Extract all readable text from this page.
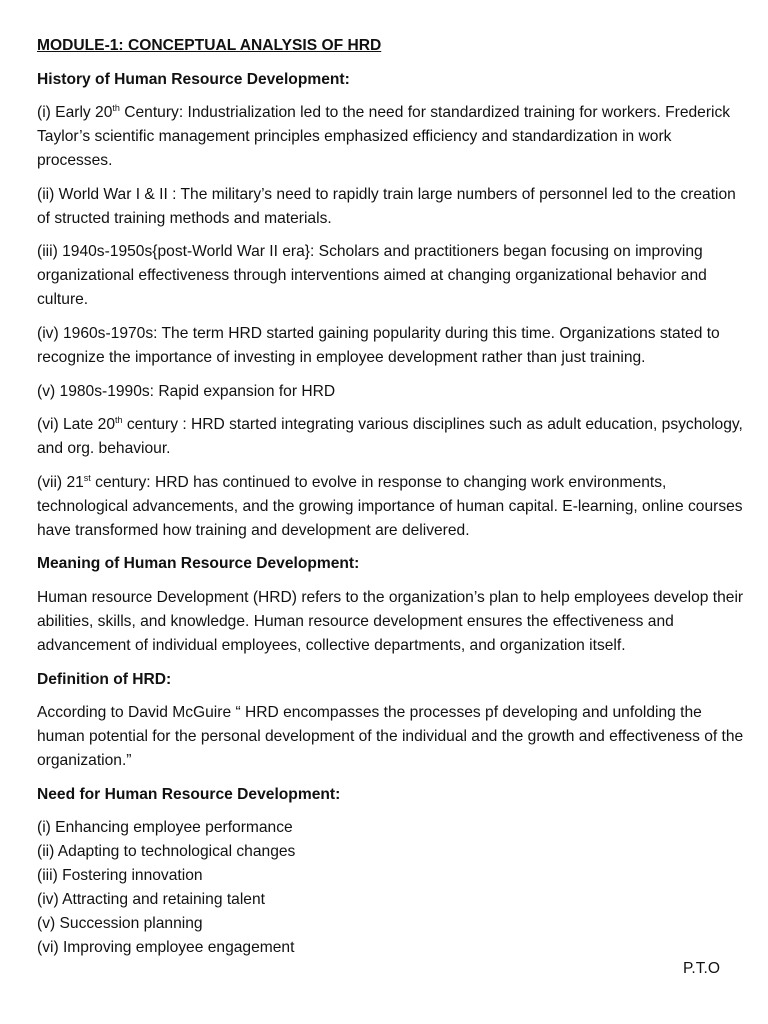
MODULE-1: CONCEPTUAL ANALYSIS OF HRD
History of Human Resource Development:
(i) Early 20th Century: Industrialization led to the need for standardized training for workers. Frederick Taylor’s scientific management principles emphasized efficiency and standardization in work processes.
(ii) World War I & II : The military’s need to rapidly train large numbers of personnel led to the creation of structed training methods and materials.
(iii) 1940s-1950s{post-World War II era}: Scholars and practitioners began focusing on improving organizational effectiveness through interventions aimed at changing organizational behavior and culture.
(iv) 1960s-1970s: The term HRD started gaining popularity during this time. Organizations stated to recognize the importance of investing in employee development rather than just training.
(v) 1980s-1990s: Rapid expansion for HRD
(vi) Late 20th century : HRD started integrating various disciplines such as adult education, psychology, and org. behaviour.
(vii) 21st century: HRD has continued to evolve in response to changing work environments, technological advancements, and the growing importance of human capital. E-learning, online courses have transformed how training and development are delivered.
Meaning of Human Resource Development:
Human resource Development (HRD) refers to the organization’s plan to help employees develop their abilities, skills, and knowledge. Human resource development ensures the effectiveness and advancement of individual employees, collective departments, and organization itself.
Definition of HRD:
According to David McGuire “ HRD encompasses the processes pf developing and unfolding the human potential for the personal development of the individual and the growth and effectiveness of the organization.”
Need for Human Resource Development:
(i) Enhancing employee performance
(ii) Adapting to technological changes
(iii) Fostering innovation
(iv) Attracting and retaining talent
(v) Succession planning
(vi) Improving employee engagement
P.T.O
